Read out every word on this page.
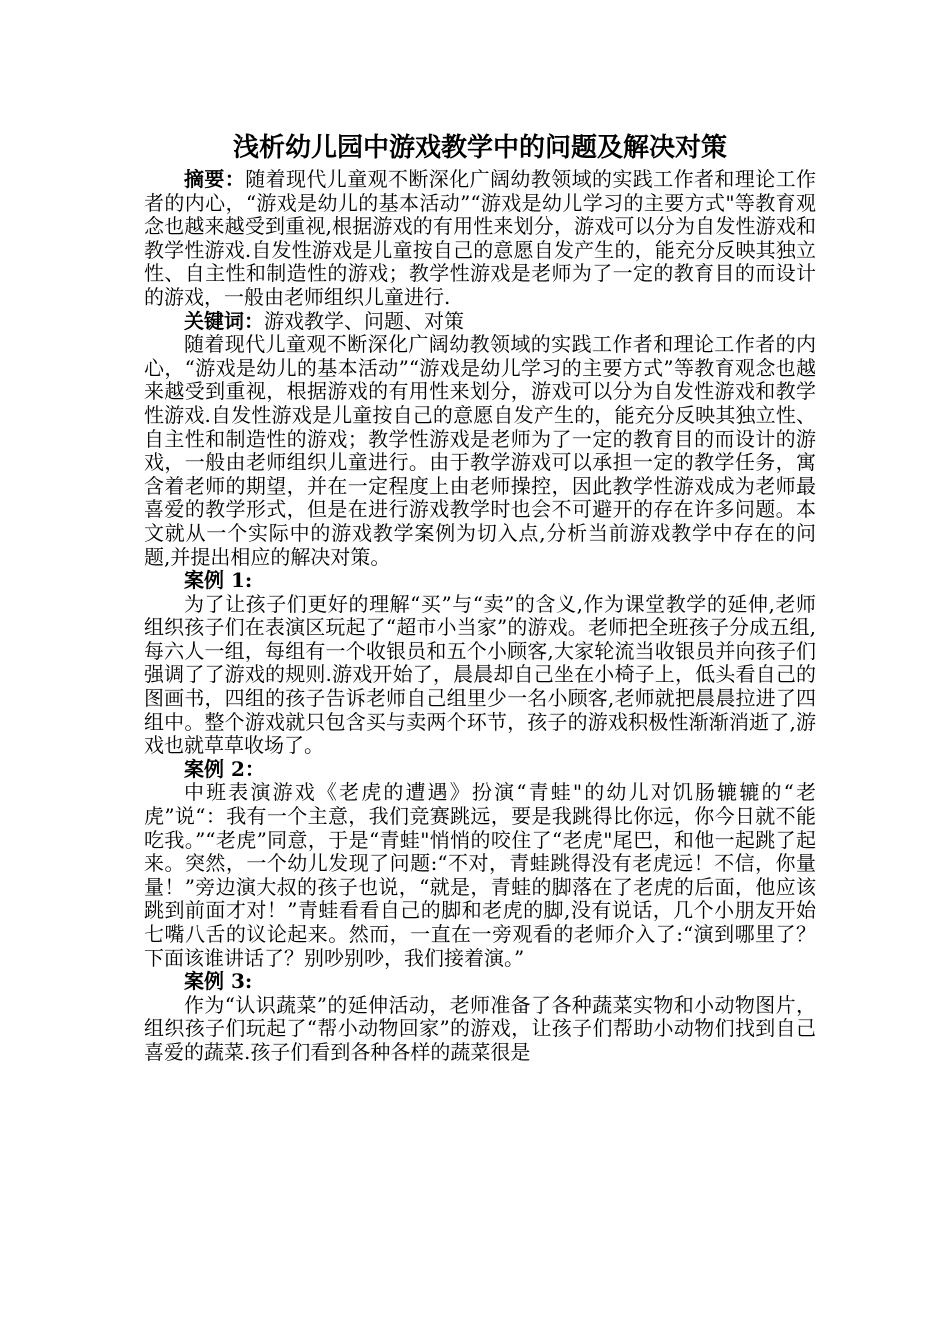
浅析幼儿园中游戏教学中的问题及解决对策

摘要：随着现代儿童观不断深化广阔幼教领域的实践工作者和理论工作者的内心，“游戏是幼儿的基本活动”“游戏是幼儿学习的主要方式"等教育观念也越来越受到重视,根据游戏的有用性来划分，游戏可以分为自发性游戏和教学性游戏.自发性游戏是儿童按自己的意愿自发产生的，能充分反映其独立性、自主性和制造性的游戏；教学性游戏是老师为了一定的教育目的而设计的游戏，一般由老师组织儿童进行.

关键词：游戏教学、问题、对策

随着现代儿童观不断深化广阔幼教领域的实践工作者和理论工作者的内心，“游戏是幼儿的基本活动”“游戏是幼儿学习的主要方式”等教育观念也越来越受到重视，根据游戏的有用性来划分，游戏可以分为自发性游戏和教学性游戏.自发性游戏是儿童按自己的意愿自发产生的，能充分反映其独立性、自主性和制造性的游戏；教学性游戏是老师为了一定的教育目的而设计的游戏，一般由老师组织儿童进行。由于教学游戏可以承担一定的教学任务，寓含着老师的期望，并在一定程度上由老师操控，因此教学性游戏成为老师最喜爱的教学形式，但是在进行游戏教学时也会不可避开的存在许多问题。本文就从一个实际中的游戏教学案例为切入点,分析当前游戏教学中存在的问题,并提出相应的解决对策。

案例 1:

为了让孩子们更好的理解“买”与“卖”的含义,作为课堂教学的延伸,老师组织孩子们在表演区玩起了“超市小当家”的游戏。老师把全班孩子分成五组,每六人一组，每组有一个收银员和五个小顾客,大家轮流当收银员并向孩子们强调了了游戏的规则.游戏开始了，晨晨却自己坐在小椅子上，低头看自己的图画书，四组的孩子告诉老师自己组里少一名小顾客,老师就把晨晨拉进了四组中。整个游戏就只包含买与卖两个环节，孩子的游戏积极性渐渐消逝了,游戏也就草草收场了。

案例 2：

中班表演游戏《老虎的遭遇》扮演“青蛙"的幼儿对饥肠辘辘的“老虎”说“：我有一个主意，我们竞赛跳远，要是我跳得比你远，你今日就不能吃我。”“老虎”同意，于是“青蛙"悄悄的咬住了“老虎"尾巴，和他一起跳了起来。突然，一个幼儿发现了问题:“不对，青蛙跳得没有老虎远！不信，你量量！”旁边演大叔的孩子也说，“就是，青蛙的脚落在了老虎的后面，他应该跳到前面才对！”青蛙看看自己的脚和老虎的脚,没有说话，几个小朋友开始七嘴八舌的议论起来。然而，一直在一旁观看的老师介入了:“演到哪里了？下面该谁讲话了？别吵别吵，我们接着演。”

案例 3:

作为“认识蔬菜”的延伸活动，老师准备了各种蔬菜实物和小动物图片，组织孩子们玩起了“帮小动物回家”的游戏，让孩子们帮助小动物们找到自己喜爱的蔬菜.孩子们看到各种各样的蔬菜很是
